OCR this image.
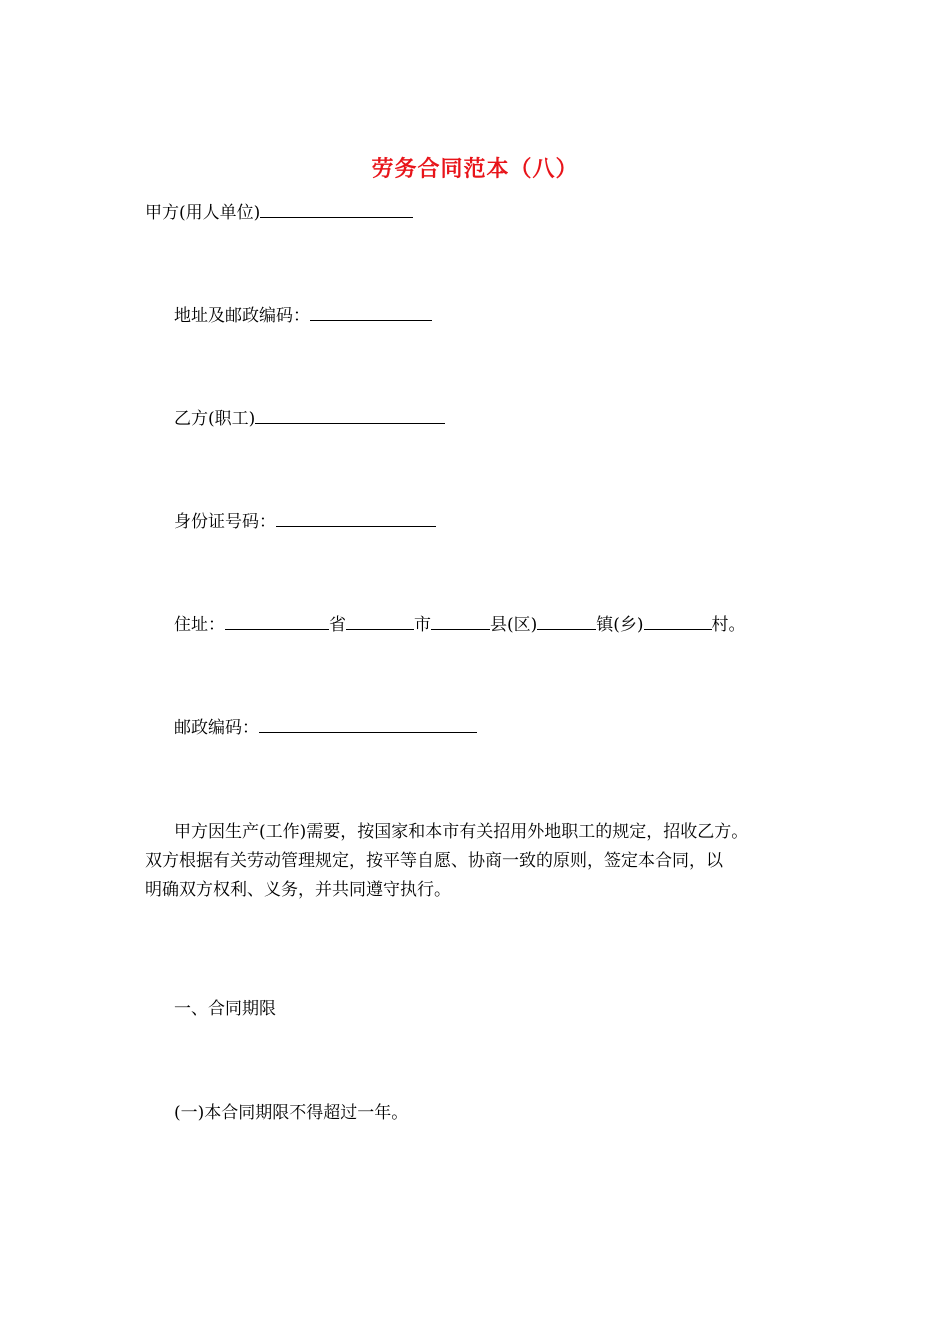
劳务合同范本（八）
甲方(用人单位)
地址及邮政编码：
乙方(职工)
身份证号码：
住址：	省	市	县(区)	镇(乡)	村。
邮政编码：
甲方因生产(工作)需要，按国家和本市有关招用外地职工的规定，招收乙方。
双方根据有关劳动管理规定，按平等自愿、协商一致的原则，签定本合同，以
明确双方权利、义务，并共同遵守执行。
一、合同期限
(一)本合同期限不得超过一年。
